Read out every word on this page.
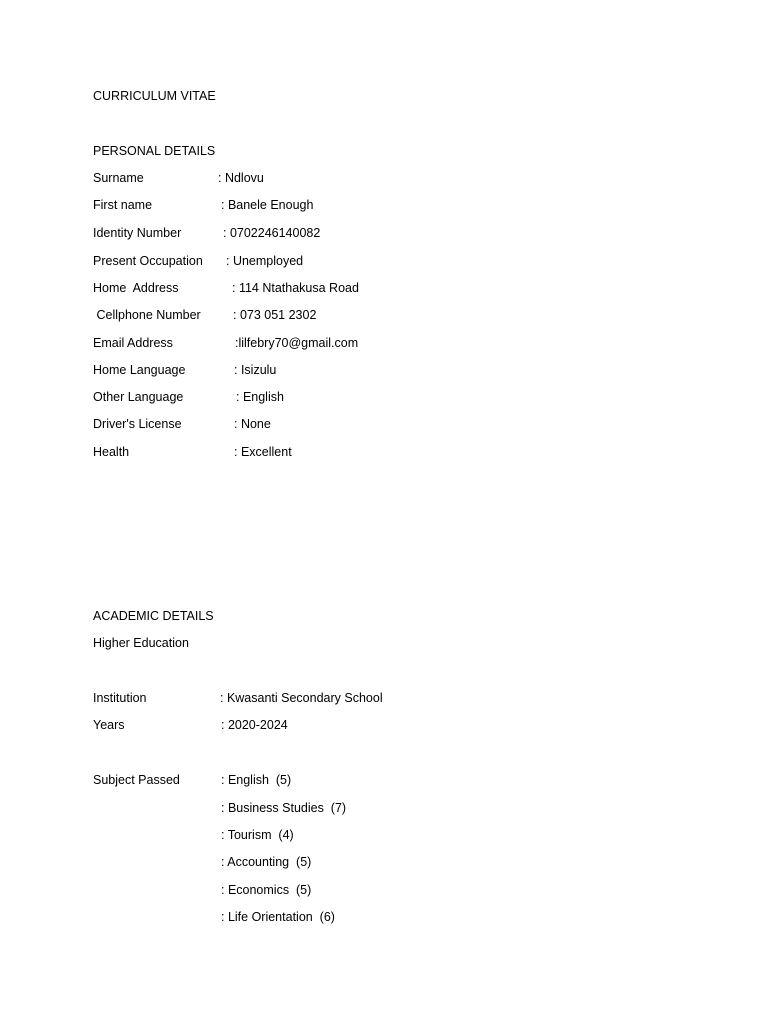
CURRICULUM VITAE
PERSONAL DETAILS
Surname	: Ndlovu
First name	: Banele Enough
Identity Number	: 0702246140082
Present Occupation : Unemployed
Home  Address	: 114 Ntathakusa Road
Cellphone Number	: 073 051 2302
Email Address	:lilfebry70@gmail.com
Home Language	: Isizulu
Other Language	: English
Driver's License	: None
Health	: Excellent
ACADEMIC DETAILS
Higher Education
Institution	: Kwasanti Secondary School
Years	: 2020-2024
Subject Passed	: English  (5)
: Business Studies  (7)
: Tourism  (4)
: Accounting  (5)
: Economics  (5)
: Life Orientation  (6)
